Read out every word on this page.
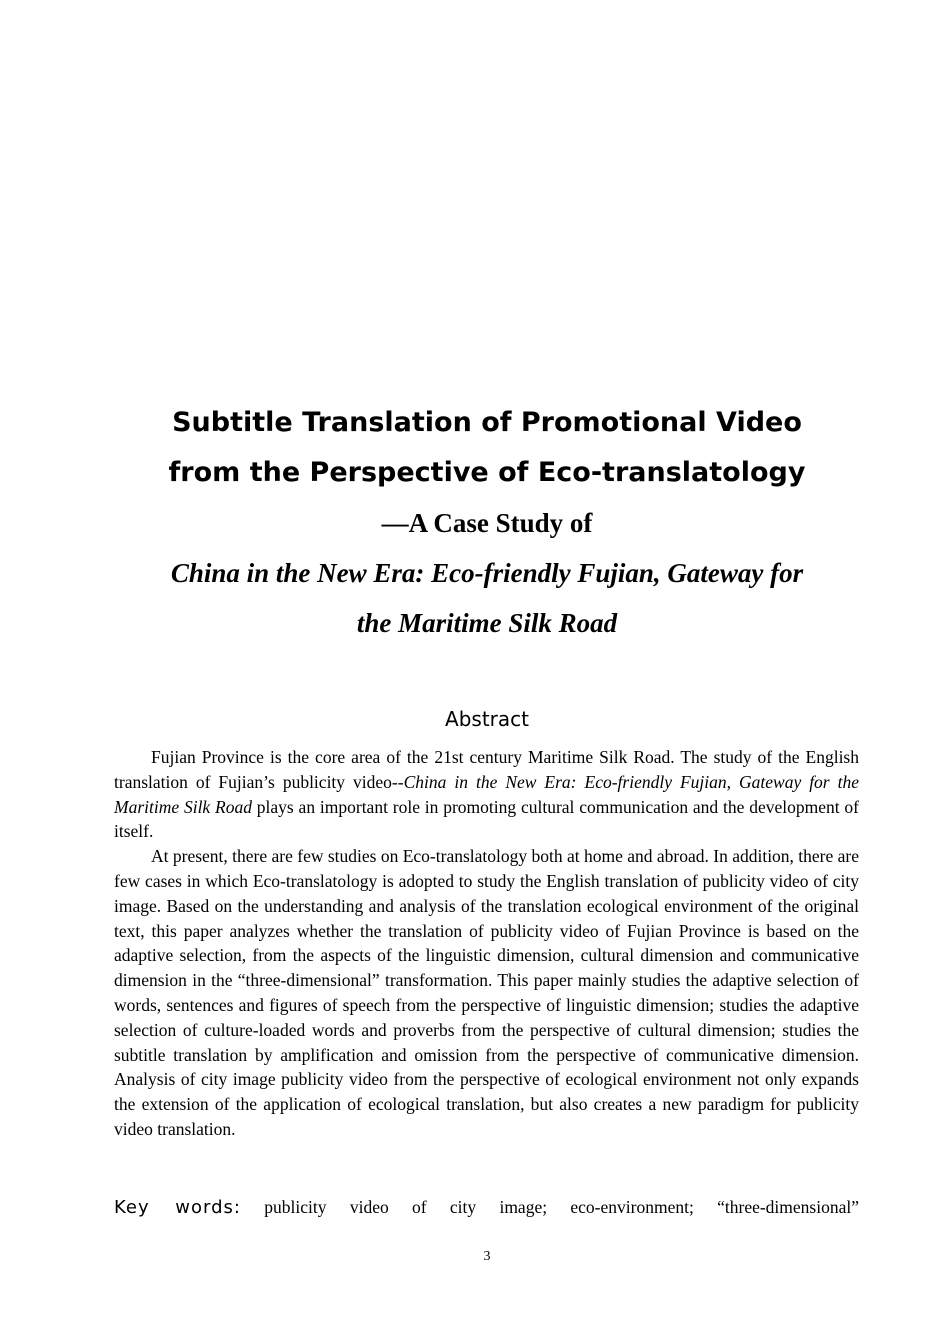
Subtitle Translation of Promotional Video

from the Perspective of Eco-translatology

—A Case Study of

China in the New Era: Eco-friendly Fujian, Gateway for

the Maritime Silk Road

Abstract

Fujian Province is the core area of the 21st century Maritime Silk Road. The study of the English translation of Fujian’s publicity video--China in the New Era: Eco-friendly Fujian, Gateway for the Maritime Silk Road plays an important role in promoting cultural communication and the development of itself.

At present, there are few studies on Eco-translatology both at home and abroad. In addition, there are few cases in which Eco-translatology is adopted to study the English translation of publicity video of city image. Based on the understanding and analysis of the translation ecological environment of the original text, this paper analyzes whether the translation of publicity video of Fujian Province is based on the adaptive selection, from the aspects of the linguistic dimension, cultural dimension and communicative dimension in the “three-dimensional” transformation. This paper mainly studies the adaptive selection of words, sentences and figures of speech from the perspective of linguistic dimension; studies the adaptive selection of culture-loaded words and proverbs from the perspective of cultural dimension; studies the subtitle translation by amplification and omission from the perspective of communicative dimension. Analysis of city image publicity video from the perspective of ecological environment not only expands the extension of the application of ecological translation, but also creates a new paradigm for publicity video translation.

Key words: publicity video of city image; eco-environment; “three-dimensional”
3
